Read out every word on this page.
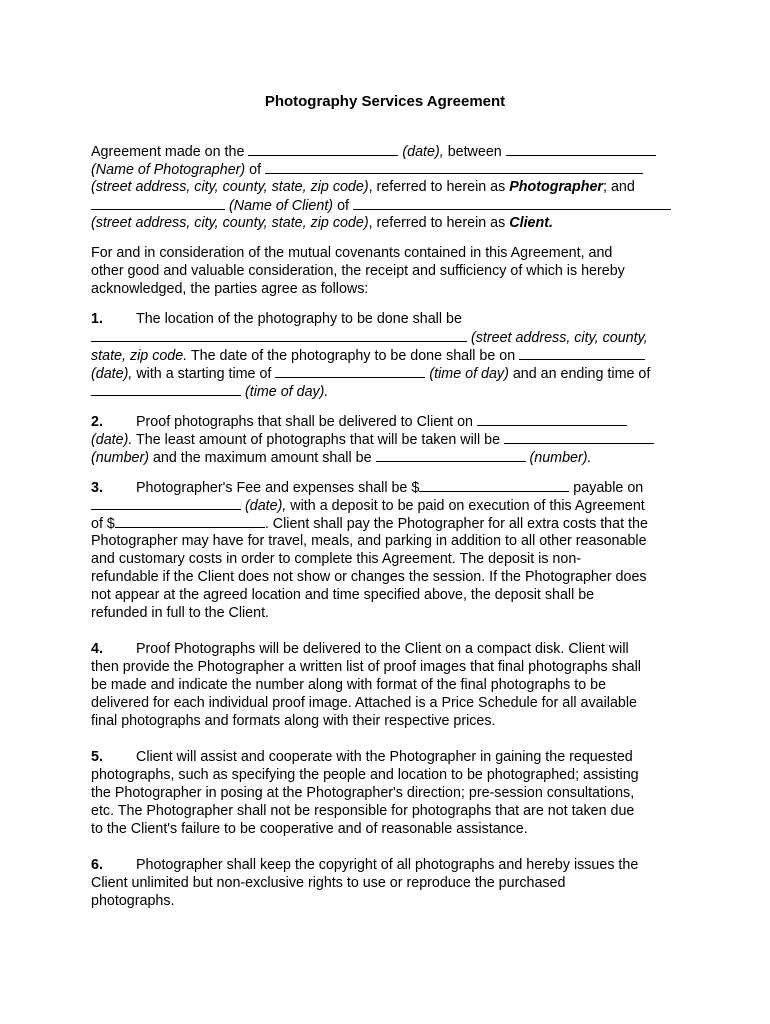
Photography Services Agreement
Agreement made on the	(date), between
(Name of Photographer) of
(street address, city, county, state, zip code), referred to herein as Photographer; and
(Name of Client) of
(street address, city, county, state, zip code), referred to herein as Client.
For and in consideration of the mutual covenants contained in this Agreement, and
other good and valuable consideration, the receipt and sufficiency of which is hereby
acknowledged, the parties agree as follows:
1. The location of the photography to be done shall be
(street address, city, county,
state, zip code. The date of the photography to be done shall be on
(date), with a starting time of	(time of day) and an ending time of
(time of day).
2. Proof photographs that shall be delivered to Client on
(date). The least amount of photographs that will be taken will be
(number) and the maximum amount shall be	(number).
3. Photographer's Fee and expenses shall be $	payable on
(date), with a deposit to be paid on execution of this Agreement
of $	. Client shall pay the Photographer for all extra costs that the
Photographer may have for travel, meals, and parking in addition to all other reasonable
and customary costs in order to complete this Agreement. The deposit is non-
refundable if the Client does not show or changes the session. If the Photographer does
not appear at the agreed location and time specified above, the deposit shall be
refunded in full to the Client.
4. Proof Photographs will be delivered to the Client on a compact disk. Client will
then provide the Photographer a written list of proof images that final photographs shall
be made and indicate the number along with format of the final photographs to be
delivered for each individual proof image. Attached is a Price Schedule for all available
final photographs and formats along with their respective prices.
5. Client will assist and cooperate with the Photographer in gaining the requested
photographs, such as specifying the people and location to be photographed; assisting
the Photographer in posing at the Photographer's direction; pre-session consultations,
etc. The Photographer shall not be responsible for photographs that are not taken due
to the Client's failure to be cooperative and of reasonable assistance.
6. Photographer shall keep the copyright of all photographs and hereby issues the
Client unlimited but non-exclusive rights to use or reproduce the purchased
photographs.
